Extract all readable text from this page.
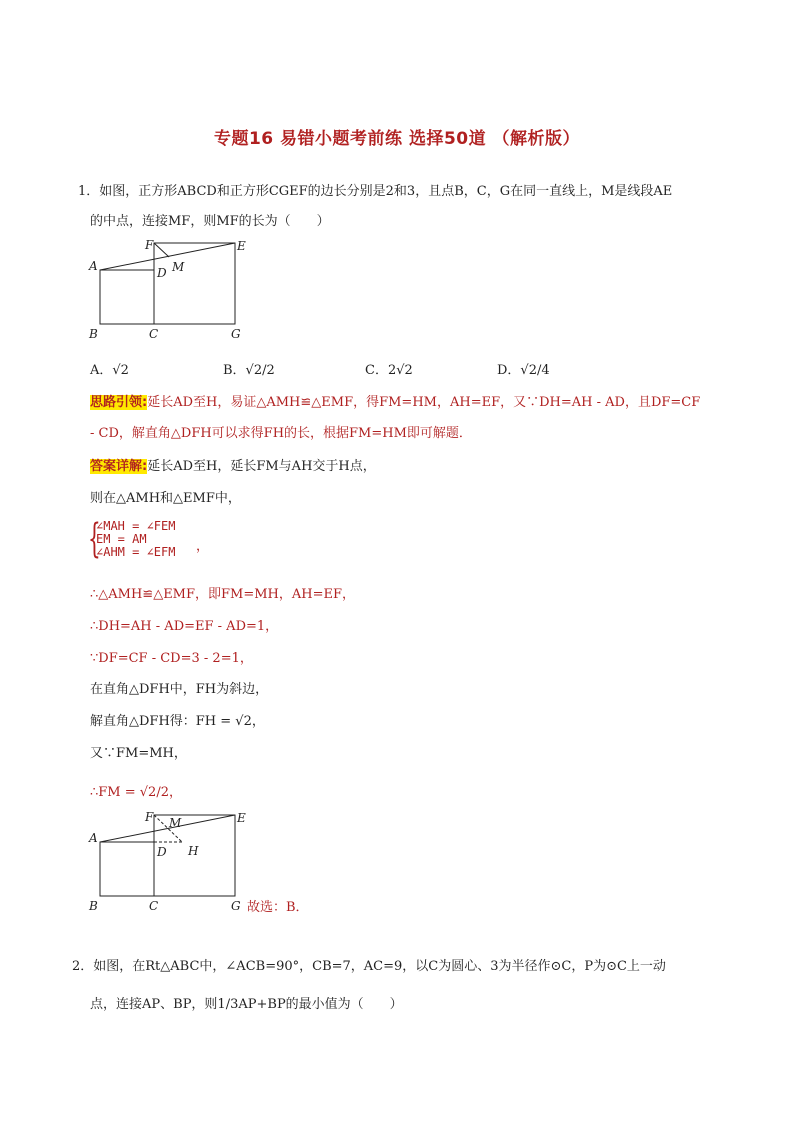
专题16 易错小题考前练 选择50道 （解析版）
1．如图，正方形ABCD和正方形CGEF的边长分别是2和3，且点B，C，G在同一直线上，M是线段AE
的中点，连接MF，则MF的长为（　　）
F	E
A	D M
B	C	G
A．√2	B．√2/2	C．2√2	D．√2/4
思路引领:延长AD至H，易证△AMH≌△EMF，得FM=HM，AH=EF，又∵DH=AH - AD，且DF=CF
- CD，解直角△DFH可以求得FH的长，根据FM=HM即可解题．
答案详解:延长AD至H，延长FM与AH交于H点，
则在△AMH和△EMF中，
{
∠MAH = ∠FEM
EM = AM
∠AHM = ∠EFM ，
∴△AMH≌△EMF，即FM=MH，AH=EF，
∴DH=AH - AD=EF - AD=1，
∵DF=CF - CD=3 - 2=1，
在直角△DFH中，FH为斜边，
解直角△DFH得：FH = √2，
又∵FM=MH，
∴FM = √2/2，
F M	E
A
D H
B	C	G 故选：B．
2．如图，在Rt△ABC中，∠ACB=90°，CB=7，AC=9，以C为圆心、3为半径作⊙C，P为⊙C上一动
点，连接AP、BP，则1/3AP+BP的最小值为（　　）
